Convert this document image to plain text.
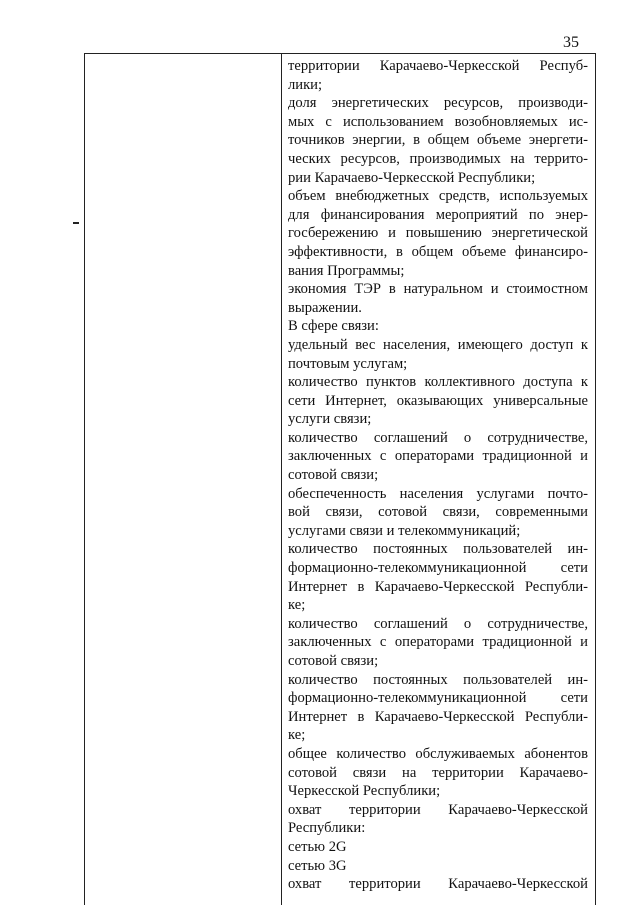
35
территории Карачаево-Черкесской Респуб-
лики;
доля энергетических ресурсов, производи-
мых с использованием возобновляемых ис-
точников энергии, в общем объеме энергети-
ческих ресурсов, производимых на террито-
рии Карачаево-Черкесской Республики;
объем внебюджетных средств, используемых
для финансирования мероприятий по энер-
госбережению и повышению энергетической
эффективности, в общем объеме финансиро-
вания Программы;
экономия ТЭР в натуральном и стоимостном
выражении.
В сфере связи:
удельный вес населения, имеющего доступ к
почтовым услугам;
количество пунктов коллективного доступа к
сети Интернет, оказывающих универсальные
услуги связи;
количество соглашений о сотрудничестве,
заключенных с операторами традиционной и
сотовой связи;
обеспеченность населения услугами почто-
вой связи, сотовой связи, современными
услугами связи и телекоммуникаций;
количество постоянных пользователей ин-
формационно-телекоммуникационной сети
Интернет в Карачаево-Черкесской Республи-
ке;
количество соглашений о сотрудничестве,
заключенных с операторами традиционной и
сотовой связи;
количество постоянных пользователей ин-
формационно-телекоммуникационной сети
Интернет в Карачаево-Черкесской Республи-
ке;
общее количество обслуживаемых абонентов
сотовой связи на территории Карачаево-
Черкесской Республики;
охват территории Карачаево-Черкесской
Республики:
сетью 2G
сетью 3G
охват территории Карачаево-Черкесской
